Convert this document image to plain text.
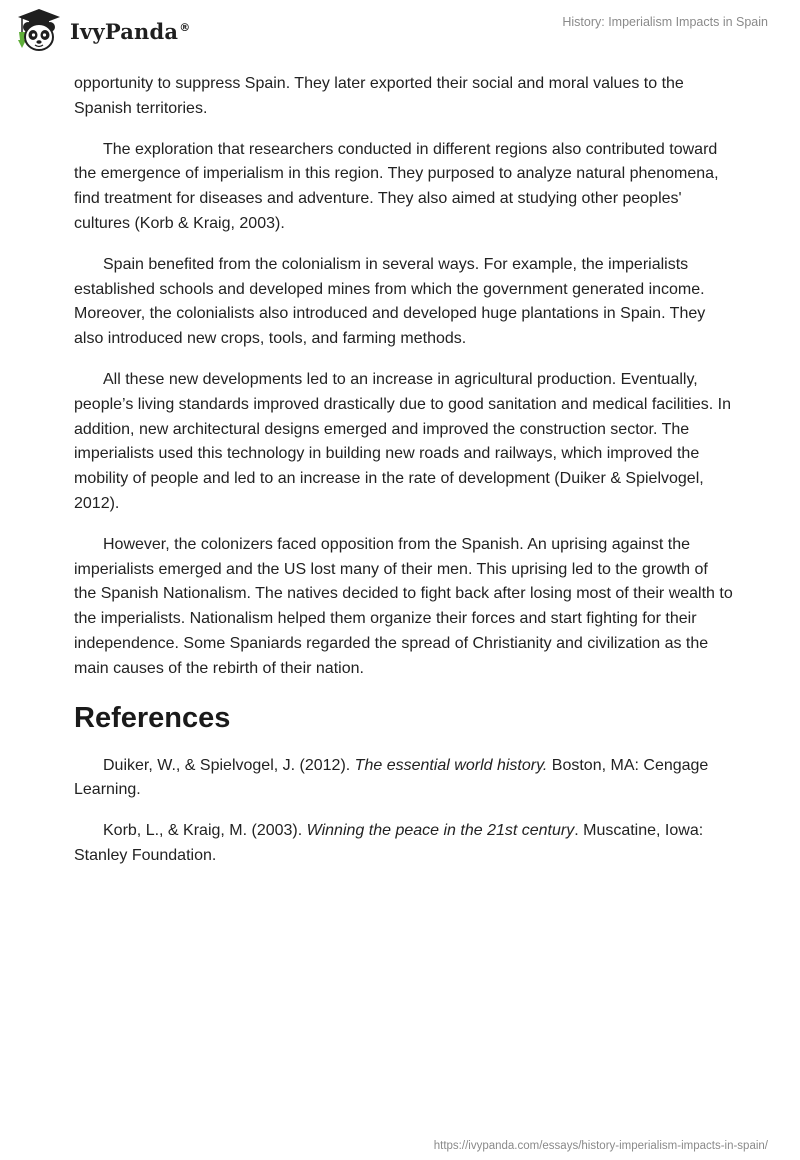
IvyPanda®	History: Imperialism Impacts in Spain

opportunity to suppress Spain. They later exported their social and moral values to the Spanish territories.

The exploration that researchers conducted in different regions also contributed toward the emergence of imperialism in this region. They purposed to analyze natural phenomena, find treatment for diseases and adventure. They also aimed at studying other peoples' cultures (Korb & Kraig, 2003).

Spain benefited from the colonialism in several ways. For example, the imperialists established schools and developed mines from which the government generated income. Moreover, the colonialists also introduced and developed huge plantations in Spain. They also introduced new crops, tools, and farming methods.

All these new developments led to an increase in agricultural production. Eventually, people’s living standards improved drastically due to good sanitation and medical facilities. In addition, new architectural designs emerged and improved the construction sector. The imperialists used this technology in building new roads and railways, which improved the mobility of people and led to an increase in the rate of development (Duiker & Spielvogel, 2012).

However, the colonizers faced opposition from the Spanish. An uprising against the imperialists emerged and the US lost many of their men. This uprising led to the growth of the Spanish Nationalism. The natives decided to fight back after losing most of their wealth to the imperialists. Nationalism helped them organize their forces and start fighting for their independence. Some Spaniards regarded the spread of Christianity and civilization as the main causes of the rebirth of their nation.

References

Duiker, W., & Spielvogel, J. (2012). The essential world history. Boston, MA: Cengage Learning.

Korb, L., & Kraig, M. (2003). Winning the peace in the 21st century. Muscatine, Iowa: Stanley Foundation.

https://ivypanda.com/essays/history-imperialism-impacts-in-spain/
